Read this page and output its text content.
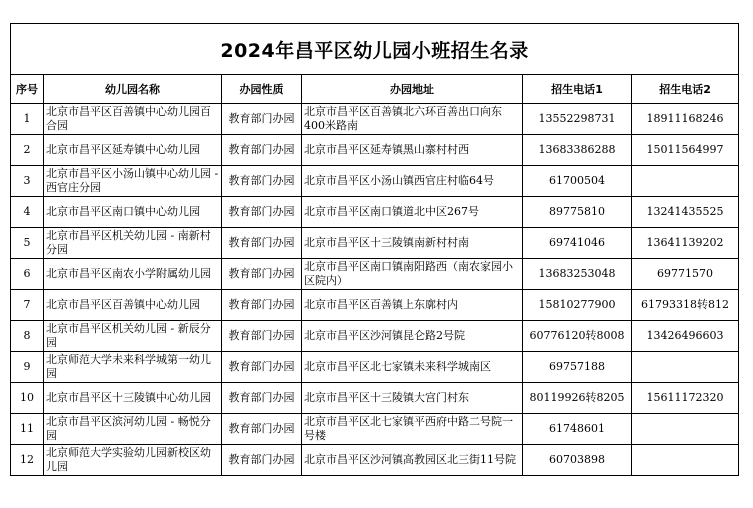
2024年昌平区幼儿园小班招生名录					
序号	幼儿园名称	办园性质	办园地址	招生电话1	招生电话2

1	北京市昌平区百善镇中心幼儿园百合园	教育部门办园	北京市昌平区百善镇北六环百善出口向东400米路南	13552298731	18911168246

2	北京市昌平区延寿镇中心幼儿园	教育部门办园	北京市昌平区延寿镇黑山寨村村西	13683386288	15011564997

3	北京市昌平区小汤山镇中心幼儿园 - 西官庄分园	教育部门办园	北京市昌平区小汤山镇西官庄村临64号	61700504	

4	北京市昌平区南口镇中心幼儿园	教育部门办园	北京市昌平区南口镇道北中区267号	89775810	13241435525

5	北京市昌平区机关幼儿园 - 南新村分园	教育部门办园	北京市昌平区十三陵镇南新村村南	69741046	13641139202

6	北京市昌平区南农小学附属幼儿园	教育部门办园	北京市昌平区南口镇南阳路西（南农家园小区院内）	13683253048	69771570

7	北京市昌平区百善镇中心幼儿园	教育部门办园	北京市昌平区百善镇上东廓村内	15810277900	61793318转812

8	北京市昌平区机关幼儿园 - 新辰分园	教育部门办园	北京市昌平区沙河镇昆仑路2号院	60776120转8008	13426496603

9	北京师范大学未来科学城第一幼儿园	教育部门办园	北京市昌平区北七家镇未来科学城南区	69757188	

10	北京市昌平区十三陵镇中心幼儿园	教育部门办园	北京市昌平区十三陵镇大宫门村东	80119926转8205	15611172320

11	北京市昌平区滨河幼儿园 - 畅悦分园	教育部门办园	北京市昌平区北七家镇平西府中路二号院一号楼	61748601	

12	北京师范大学实验幼儿园新校区幼儿园	教育部门办园	北京市昌平区沙河镇高教园区北三街11号院	60703898	
